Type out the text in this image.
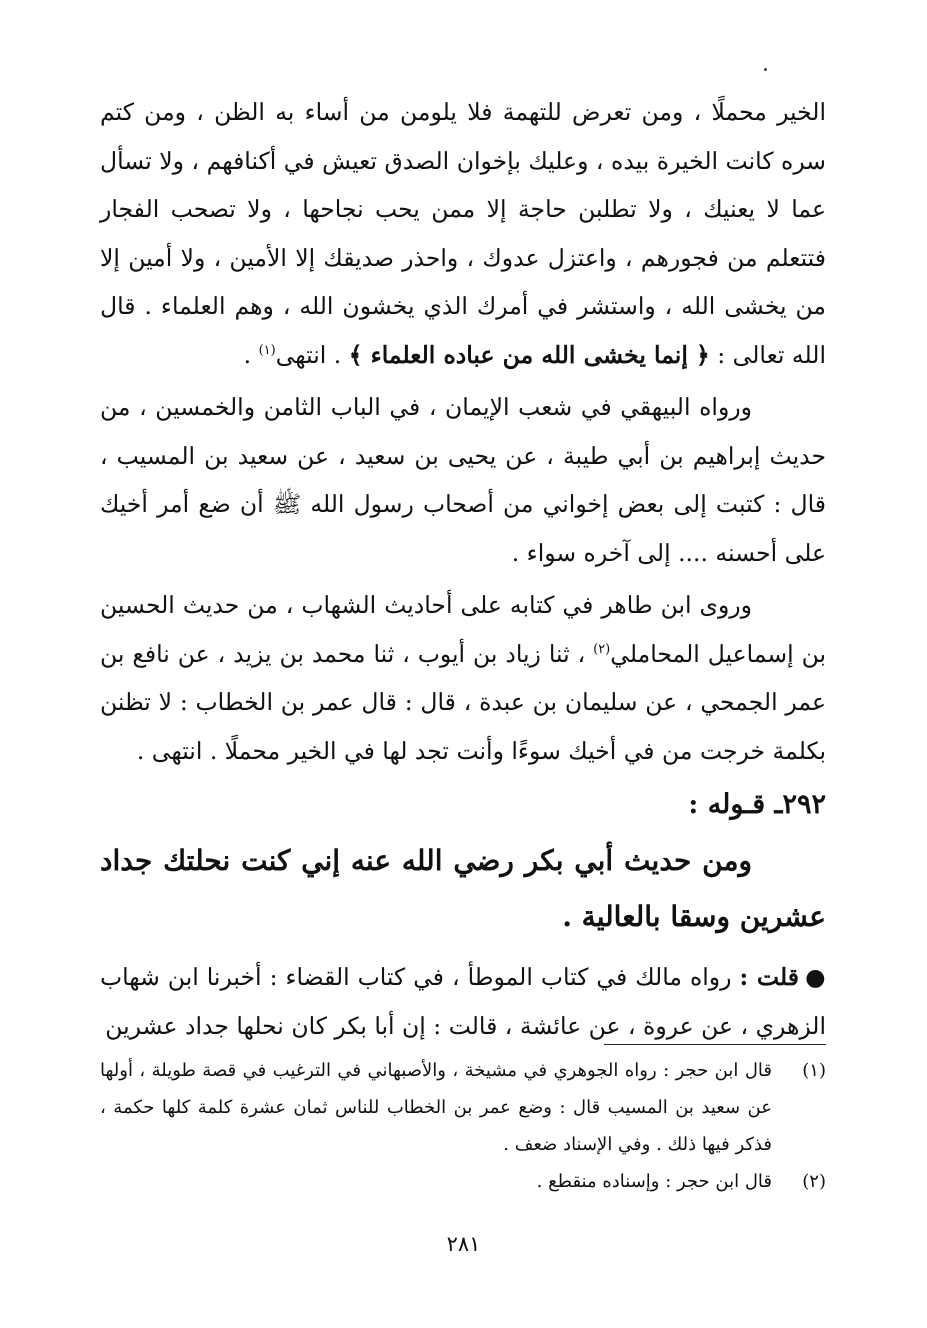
الخير محملًا ، ومن تعرض للتهمة فلا يلومن من أساء به الظن ، ومن كتم سره كانت الخيرة بيده ، وعليك بإخوان الصدق تعيش في أكنافهم ، ولا تسأل عما لا يعنيك ، ولا تطلبن حاجة إلا ممن يحب نجاحها ، ولا تصحب الفجار فتتعلم من فجورهم ، واعتزل عدوك ، واحذر صديقك إلا الأمين ، ولا أمين إلا من يخشى الله ، واستشر في أمرك الذي يخشون الله ، وهم العلماء . قال الله تعالى : ﴿ إنما يخشى الله من عباده العلماء ﴾ . انتهى$^{(١)}$ .

ورواه البيهقي في شعب الإيمان ، في الباب الثامن والخمسين ، من حديث إبراهيم بن أبي طيبة ، عن يحيى بن سعيد ، عن سعيد بن المسيب ، قال : كتبت إلى بعض إخواني من أصحاب رسول الله ﷺ أن ضع أمر أخيك على أحسنه .... إلى آخره سواء .

وروى ابن طاهر في كتابه على أحاديث الشهاب ، من حديث الحسين بن إسماعيل المحاملي$^{(٢)}$ ، ثنا زياد بن أيوب ، ثنا محمد بن يزيد ، عن نافع بن عمر الجمحي ، عن سليمان بن عبدة ، قال : قال عمر بن الخطاب : لا تظنن بكلمة خرجت من في أخيك سوءًا وأنت تجد لها في الخير محملًا . انتهى .

٢٩٢ـ قـوله :

ومن حديث أبي بكر رضي الله عنه إني كنت نحلتك جداد عشرين وسقا بالعالية .

●قلت : رواه مالك في كتاب الموطأ ، في كتاب القضاء : أخبرنا ابن شهاب الزهري ، عن عروة ، عن عائشة ، قالت : إن أبا بكر كان نحلها جداد عشرين

(١)
قال ابن حجر : رواه الجوهري في مشيخة ، والأصبهاني في الترغيب في قصة طويلة ، أولها عن سعيد بن المسيب قال : وضع عمر بن الخطاب للناس ثمان عشرة كلمة كلها حكمة ، فذكر فيها ذلك . وفي الإسناد ضعف .
(٢)
قال ابن حجر : وإسناده منقطع .
٢٨١
